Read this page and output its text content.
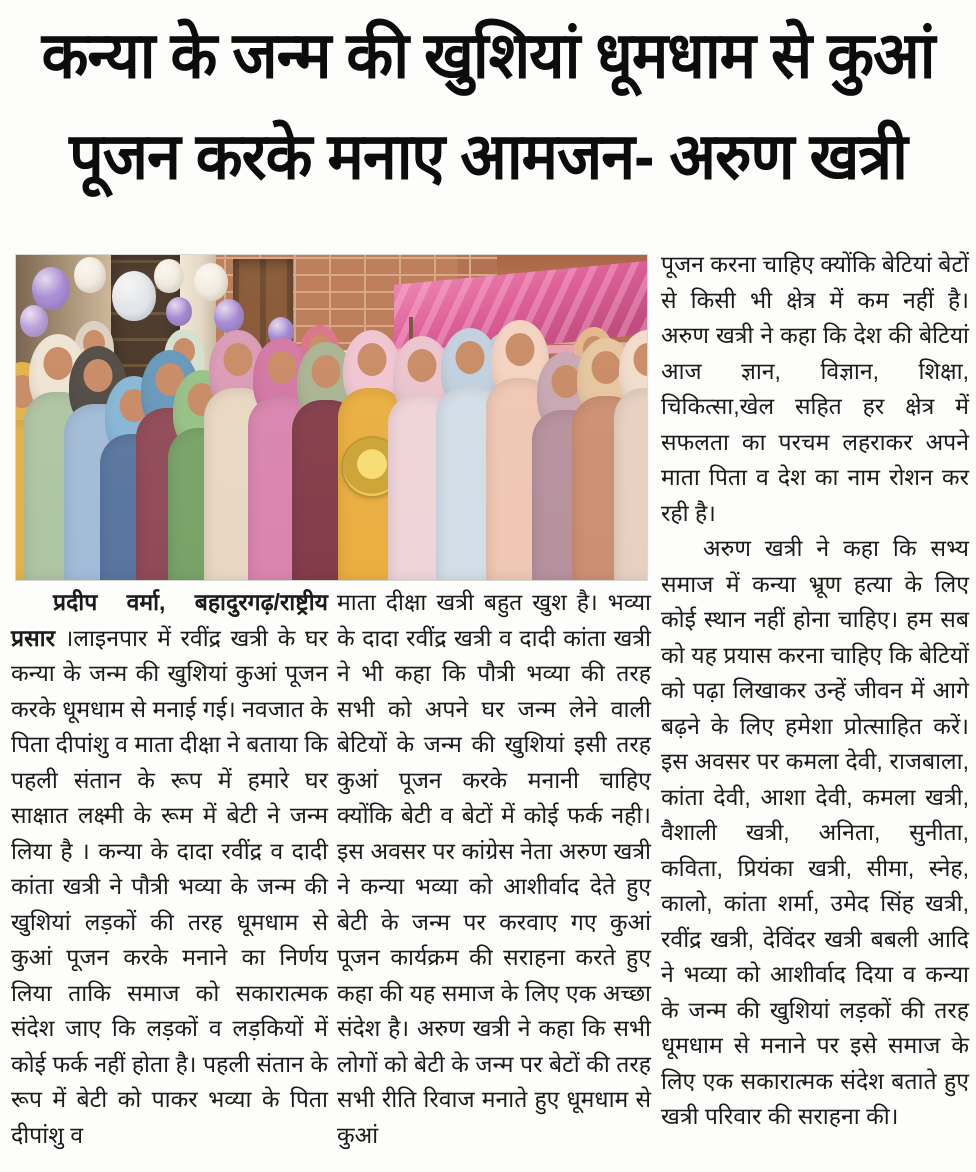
कन्या के जन्म की खुशियां धूमधाम से कुआं
पूजन करके मनाए आमजन- अरुण खत्री

प्रदीप वर्मा, बहादुरगढ़/राष्ट्रीय प्रसार ।लाइनपार में रवींद्र खत्री के घर कन्या के जन्म की खुशियां कुआं पूजन करके धूमधाम से मनाई गई। नवजात के पिता दीपांशु व माता दीक्षा ने बताया कि पहली संतान के रूप में हमारे घर साक्षात लक्ष्मी के रूम में बेटी ने जन्म लिया है । कन्या के दादा रवींद्र व दादी कांता खत्री ने पौत्री भव्या के जन्म की खुशियां लड़कों की तरह धूमधाम से कुआं पूजन करके मनाने का निर्णय लिया ताकि समाज को सकारात्मक संदेश जाए कि लड़कों व लड़कियों में कोई फर्क नहीं होता है। पहली संतान के रूप में बेटी को पाकर भव्या के पिता दीपांशु व

माता दीक्षा खत्री बहुत खुश है। भव्या के दादा रवींद्र खत्री व दादी कांता खत्री ने भी कहा कि पौत्री भव्या की तरह सभी को अपने घर जन्म लेने वाली बेटियों के जन्म की खुशियां इसी तरह कुआं पूजन करके मनानी चाहिए क्योंकि बेटी व बेटों में कोई फर्क नही। इस अवसर पर कांग्रेस नेता अरुण खत्री ने कन्या भव्या को आशीर्वाद देते हुए बेटी के जन्म पर करवाए गए कुआं पूजन कार्यक्रम की सराहना करते हुए कहा की यह समाज के लिए एक अच्छा संदेश है। अरुण खत्री ने कहा कि सभी लोगों को बेटी के जन्म पर बेटों की तरह सभी रीति रिवाज मनाते हुए धूमधाम से कुआं

पूजन करना चाहिए क्योंकि बेटियां बेटों से किसी भी क्षेत्र में कम नहीं है। अरुण खत्री ने कहा कि देश की बेटियां आज ज्ञान, विज्ञान, शिक्षा, चिकित्सा,खेल सहित हर क्षेत्र में सफलता का परचम लहराकर अपने माता पिता व देश का नाम रोशन कर रही है।

अरुण खत्री ने कहा कि सभ्य समाज में कन्या भ्रूण हत्या के लिए कोई स्थान नहीं होना चाहिए। हम सब को यह प्रयास करना चाहिए कि बेटियों को पढ़ा लिखाकर उन्हें जीवन में आगे बढ़ने के लिए हमेशा प्रोत्साहित करें। इस अवसर पर कमला देवी, राजबाला, कांता देवी, आशा देवी, कमला खत्री, वैशाली खत्री, अनिता, सुनीता, कविता, प्रियंका खत्री, सीमा, स्नेह, कालो, कांता शर्मा, उमेद सिंह खत्री, रवींद्र खत्री, देविंदर खत्री बबली आदि ने भव्या को आशीर्वाद दिया व कन्या के जन्म की खुशियां लड़कों की तरह धूमधाम से मनाने पर इसे समाज के लिए एक सकारात्मक संदेश बताते हुए खत्री परिवार की सराहना की।
